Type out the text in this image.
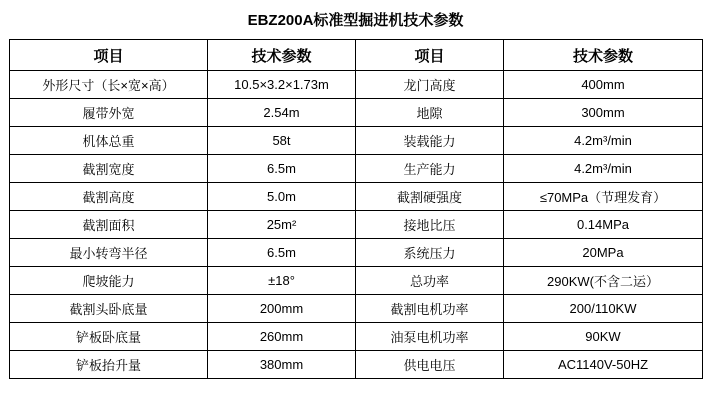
EBZ200A标准型掘进机技术参数
项目	技术参数	项目	技术参数
外形尺寸（长×宽×高）	10.5×3.2×1.73m	龙门高度	400mm
履带外宽	2.54m	地隙	300mm
机体总重	58t	装载能力	4.2m³/min
截割宽度	6.5m	生产能力	4.2m³/min
截割高度	5.0m	截割硬强度	≤70MPa（节理发育）
截割面积	25m²	接地比压	0.14MPa
最小转弯半径	6.5m	系统压力	20MPa
爬坡能力	±18°	总功率	290KW(不含二运）
截割头卧底量	200mm	截割电机功率	200/110KW
铲板卧底量	260mm	油泵电机功率	90KW
铲板抬升量	380mm	供电电压	AC1140V-50HZ
